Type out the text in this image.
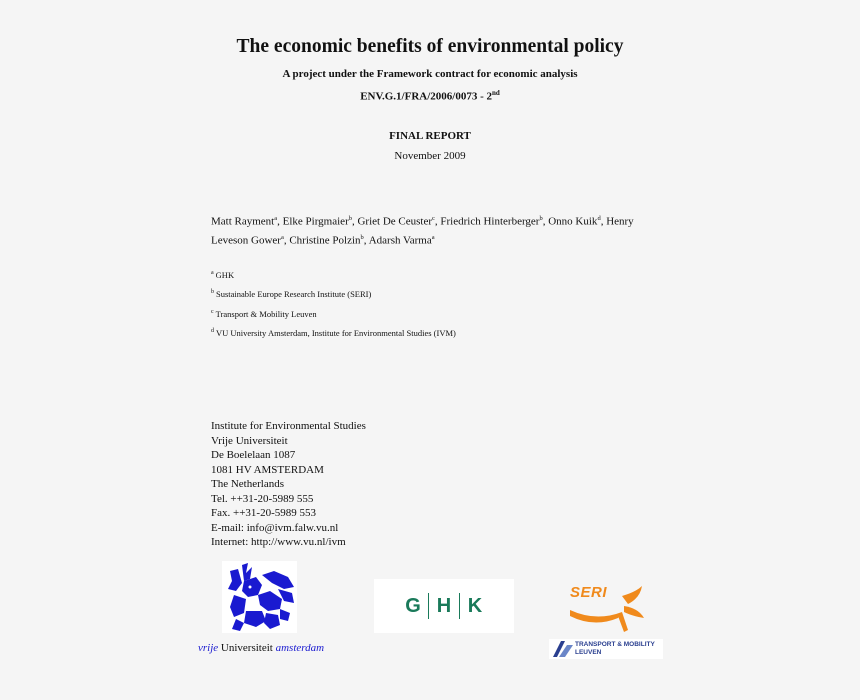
The economic benefits of environmental policy
A project under the Framework contract for economic analysis
ENV.G.1/FRA/2006/0073 - 2nd
FINAL REPORT
November 2009
Matt Rayment$^a$, Elke Pirgmaier$^b$, Griet De Ceuster$^c$, Friedrich Hinterberger$^b$, Onno Kuik$^d$, Henry
Leveson Gower$^a$, Christine Polzin$^b$, Adarsh Varma$^a$
$^a$ GHK
$^b$ Sustainable Europe Research Institute (SERI)
$^c$ Transport & Mobility Leuven
$^d$ VU University Amsterdam, Institute for Environmental Studies (IVM)
Institute for Environmental Studies
Vrije Universiteit
De Boelelaan 1087
1081 HV AMSTERDAM
The Netherlands
Tel. ++31-20-5989 555
Fax. ++31-20-5989 553
E-mail: info@ivm.falw.vu.nl
Internet: http://www.vu.nl/ivm
vrije Universiteit amsterdam
G H K
SERI
TRANSPORT & MOBILITY
LEUVEN
